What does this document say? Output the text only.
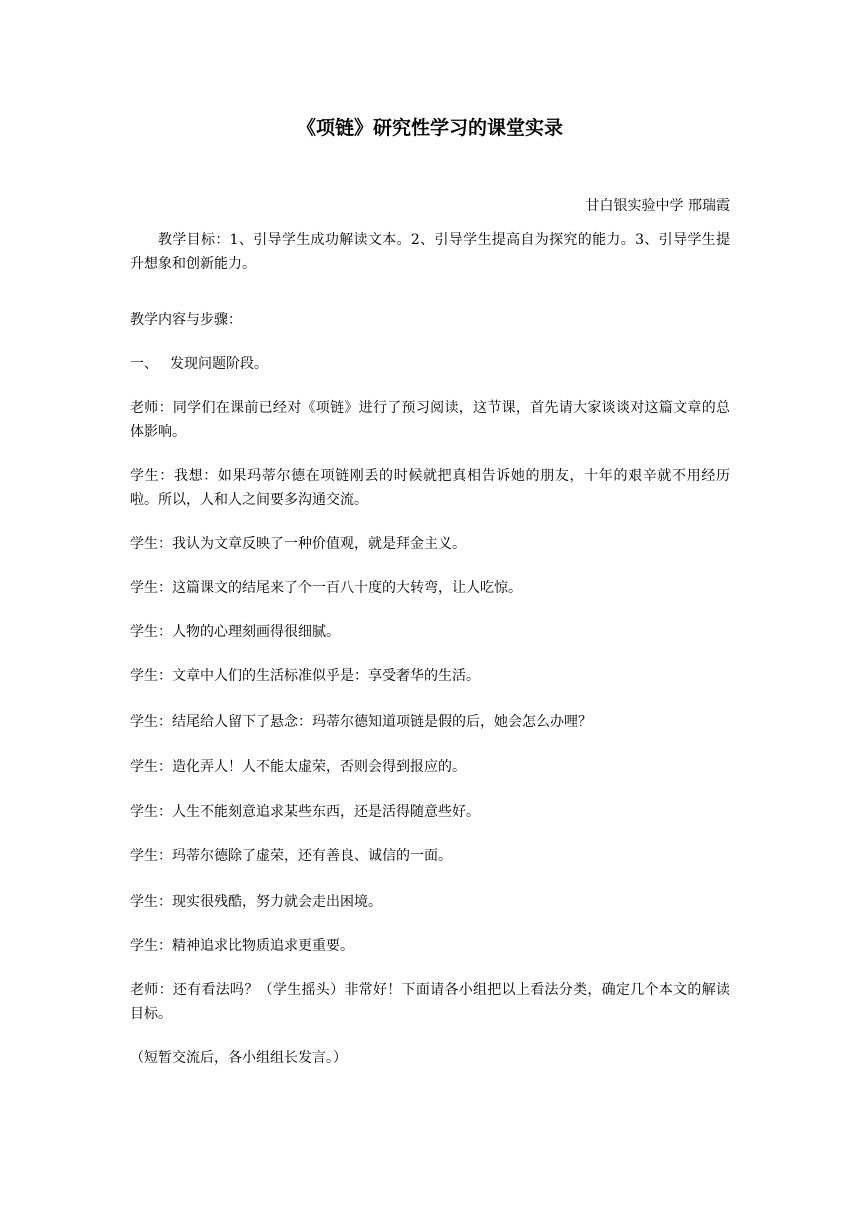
《项链》研究性学习的课堂实录
甘白银实验中学 邢瑞霞

教学目标：1、引导学生成功解读文本。2、引导学生提高自为探究的能力。3、引导学生提升想象和创新能力。

教学内容与步骤：

一、 发现问题阶段。

老师：同学们在课前已经对《项链》进行了预习阅读，这节课，首先请大家谈谈对这篇文章的总体影响。

学生：我想：如果玛蒂尔德在项链刚丢的时候就把真相告诉她的朋友，十年的艰辛就不用经历啦。所以，人和人之间要多沟通交流。

学生：我认为文章反映了一种价值观，就是拜金主义。

学生：这篇课文的结尾来了个一百八十度的大转弯，让人吃惊。

学生：人物的心理刻画得很细腻。

学生：文章中人们的生活标准似乎是：享受奢华的生活。

学生：结尾给人留下了悬念：玛蒂尔德知道项链是假的后，她会怎么办哩？

学生：造化弄人！人不能太虚荣，否则会得到报应的。

学生：人生不能刻意追求某些东西，还是活得随意些好。

学生：玛蒂尔德除了虚荣，还有善良、诚信的一面。

学生：现实很残酷，努力就会走出困境。

学生：精神追求比物质追求更重要。

老师：还有看法吗？（学生摇头）非常好！下面请各小组把以上看法分类，确定几个本文的解读目标。

（短暂交流后，各小组组长发言。）
